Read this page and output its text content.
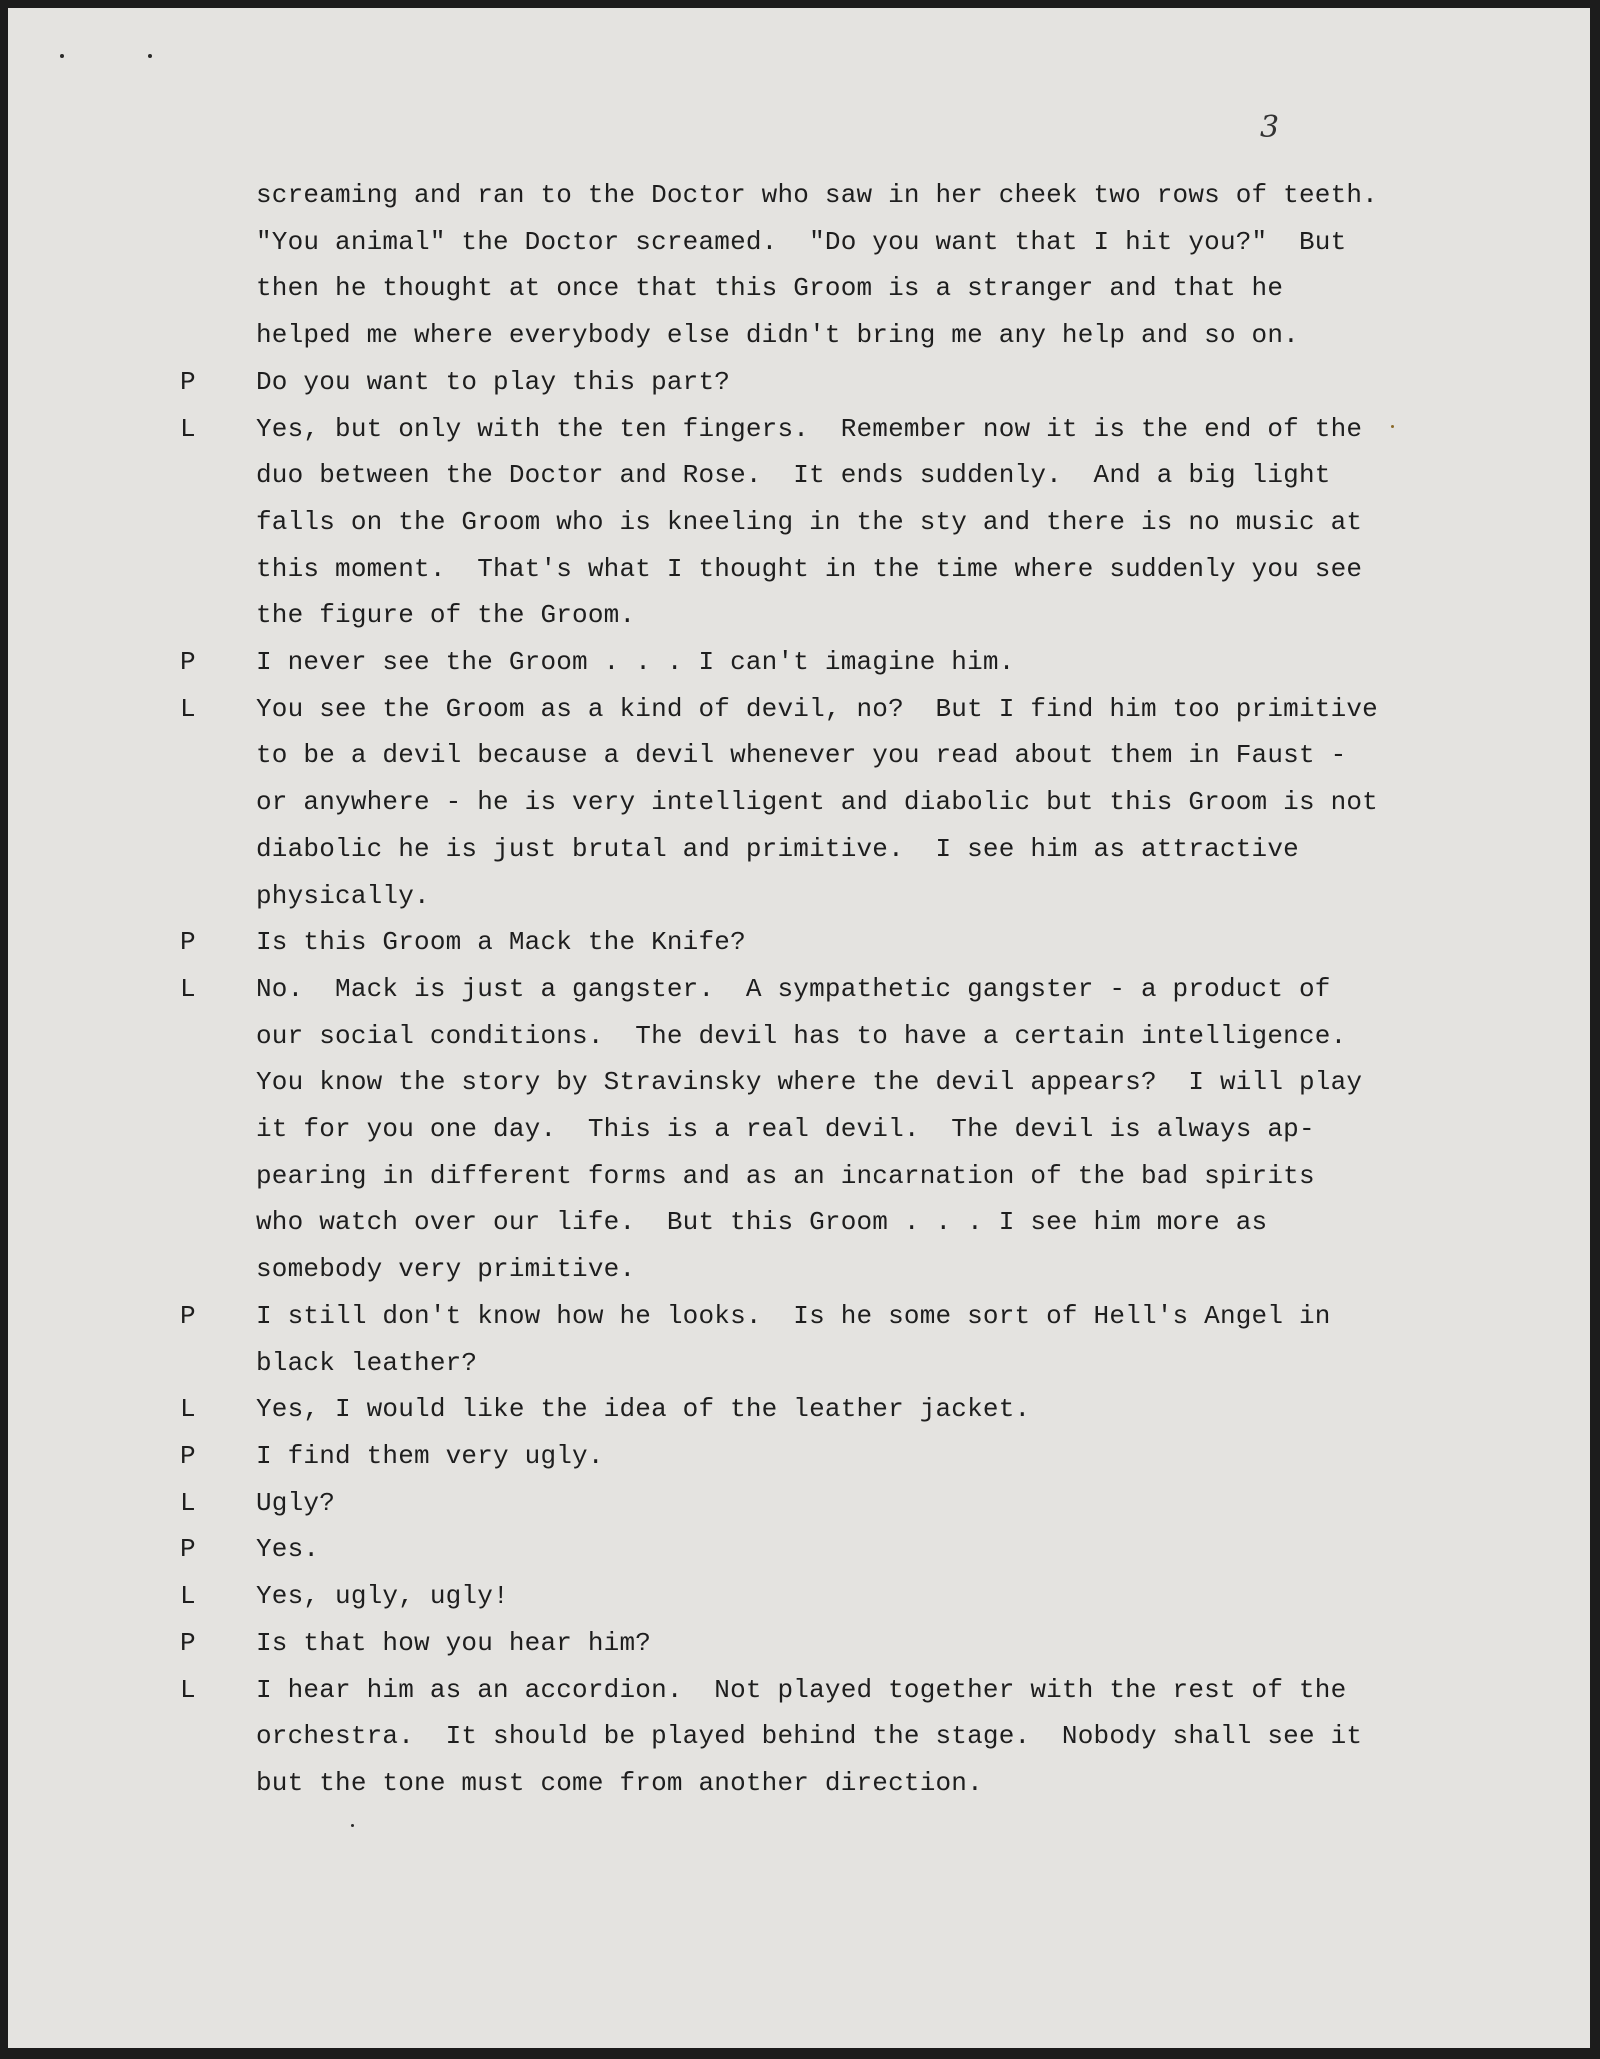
3
screaming and ran to the Doctor who saw in her cheek two rows of teeth.
"You animal" the Doctor screamed.  "Do you want that I hit you?"  But
then he thought at once that this Groom is a stranger and that he
helped me where everybody else didn't bring me any help and so on.
P	Do you want to play this part?
L	Yes, but only with the ten fingers.  Remember now it is the end of the
duo between the Doctor and Rose.  It ends suddenly.  And a big light
falls on the Groom who is kneeling in the sty and there is no music at
this moment.  That's what I thought in the time where suddenly you see
the figure of the Groom.
P	I never see the Groom . . . I can't imagine him.
L	You see the Groom as a kind of devil, no?  But I find him too primitive
to be a devil because a devil whenever you read about them in Faust -
or anywhere - he is very intelligent and diabolic but this Groom is not
diabolic he is just brutal and primitive.  I see him as attractive
physically.
P	Is this Groom a Mack the Knife?
L	No.  Mack is just a gangster.  A sympathetic gangster - a product of
our social conditions.  The devil has to have a certain intelligence.
You know the story by Stravinsky where the devil appears?  I will play
it for you one day.  This is a real devil.  The devil is always ap-
pearing in different forms and as an incarnation of the bad spirits
who watch over our life.  But this Groom . . . I see him more as
somebody very primitive.
P	I still don't know how he looks.  Is he some sort of Hell's Angel in
black leather?
L	Yes, I would like the idea of the leather jacket.
P	I find them very ugly.
L	Ugly?
P	Yes.
L	Yes, ugly, ugly!
P	Is that how you hear him?
L	I hear him as an accordion.  Not played together with the rest of the
orchestra.  It should be played behind the stage.  Nobody shall see it
but the tone must come from another direction.
